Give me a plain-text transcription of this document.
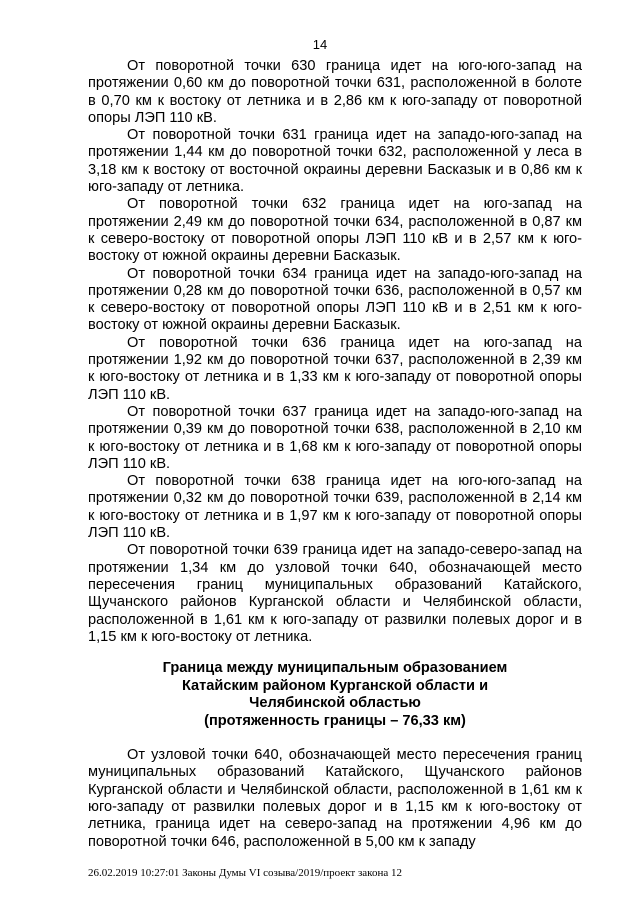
14

От поворотной точки 630 граница идет на юго-юго-запад на протяжении 0,60 км до поворотной точки 631, расположенной в болоте в 0,70 км к востоку от летника и в 2,86 км к юго-западу от поворотной опоры ЛЭП 110 кВ.

От поворотной точки 631 граница идет на западо-юго-запад на протяжении 1,44 км до поворотной точки 632, расположенной у леса в 3,18 км к востоку от восточной окраины деревни Басказык и в 0,86 км к юго-западу от летника.

От поворотной точки 632 граница идет на юго-запад на протяжении 2,49 км до поворотной точки 634, расположенной в 0,87 км к северо-востоку от поворотной опоры ЛЭП 110 кВ и в 2,57 км к юго-востоку от южной окраины деревни Басказык.

От поворотной точки 634 граница идет на западо-юго-запад на протяжении 0,28 км до поворотной точки 636, расположенной в 0,57 км к северо-востоку от поворотной опоры ЛЭП 110 кВ и в 2,51 км к юго-востоку от южной окраины деревни Басказык.

От поворотной точки 636 граница идет на юго-запад на протяжении 1,92 км до поворотной точки 637, расположенной в 2,39 км к юго-востоку от летника и в 1,33 км к юго-западу от поворотной опоры ЛЭП 110 кВ.

От поворотной точки 637 граница идет на западо-юго-запад на протяжении 0,39 км до поворотной точки 638, расположенной в 2,10 км к юго-востоку от летника и в 1,68 км к юго-западу от поворотной опоры ЛЭП 110 кВ.

От поворотной точки 638 граница идет на юго-юго-запад на протяжении 0,32 км до поворотной точки 639, расположенной в 2,14 км к юго-востоку от летника и в 1,97 км к юго-западу от поворотной опоры ЛЭП 110 кВ.

От поворотной точки 639 граница идет на западо-северо-запад на протяжении 1,34 км до узловой точки 640, обозначающей место пересечения границ муниципальных образований Катайского, Щучанского районов Курганской области и Челябинской области, расположенной в 1,61 км к юго-западу от развилки полевых дорог и в 1,15 км к юго-востоку от летника.

Граница между муниципальным образованием
Катайским районом Курганской области и
Челябинской областью
(протяженность границы – 76,33 км)

От узловой точки 640, обозначающей место пересечения границ муниципальных образований Катайского, Щучанского районов Курганской области и Челябинской области, расположенной в 1,61 км к юго-западу от развилки полевых дорог и в 1,15 км к юго-востоку от летника, граница идет на северо-запад на протяжении 4,96 км до поворотной точки 646, расположенной в 5,00 км к западу

26.02.2019 10:27:01 Законы Думы VI созыва/2019/проект закона 12
